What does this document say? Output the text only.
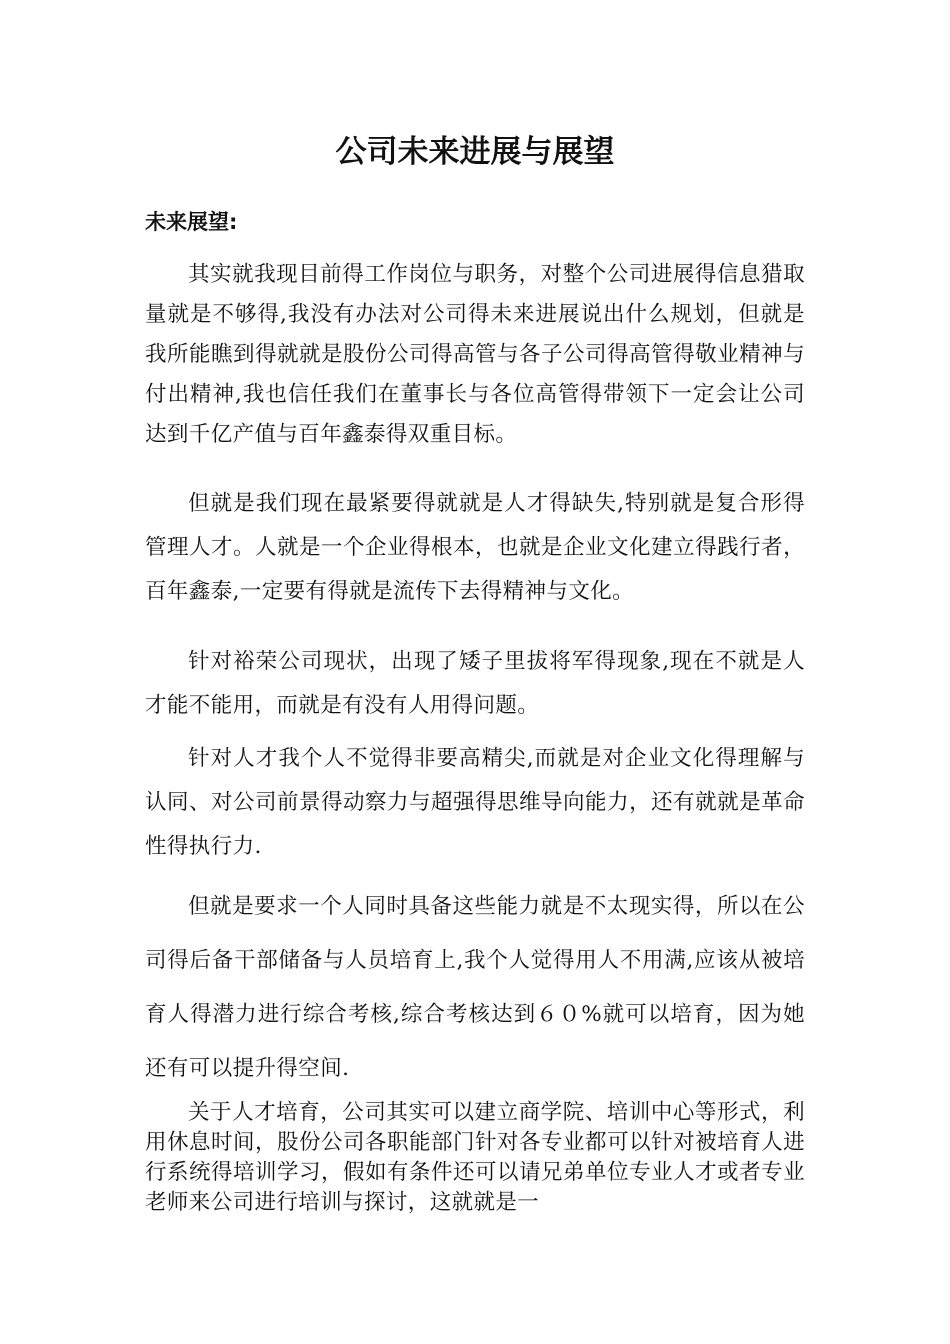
公司未来进展与展望
未来展望:

其实就我现目前得工作岗位与职务，对整个公司进展得信息猎取量就是不够得,我没有办法对公司得未来进展说出什么规划，但就是我所能瞧到得就就是股份公司得高管与各子公司得高管得敬业精神与付出精神,我也信任我们在董事长与各位高管得带领下一定会让公司达到千亿产值与百年鑫泰得双重目标。

但就是我们现在最紧要得就就是人才得缺失,特别就是复合形得管理人才。人就是一个企业得根本，也就是企业文化建立得践行者，百年鑫泰,一定要有得就是流传下去得精神与文化。

针对裕荣公司现状，出现了矮子里拔将军得现象,现在不就是人才能不能用，而就是有没有人用得问题。

针对人才我个人不觉得非要高精尖,而就是对企业文化得理解与认同、对公司前景得动察力与超强得思维导向能力，还有就就是革命性得执行力.

但就是要求一个人同时具备这些能力就是不太现实得，所以在公司得后备干部储备与人员培育上,我个人觉得用人不用满,应该从被培育人得潜力进行综合考核,综合考核达到６０%就可以培育，因为她还有可以提升得空间.

关于人才培育，公司其实可以建立商学院、培训中心等形式，利用休息时间，股份公司各职能部门针对各专业都可以针对被培育人进行系统得培训学习，假如有条件还可以请兄弟单位专业人才或者专业老师来公司进行培训与探讨，这就就是一
